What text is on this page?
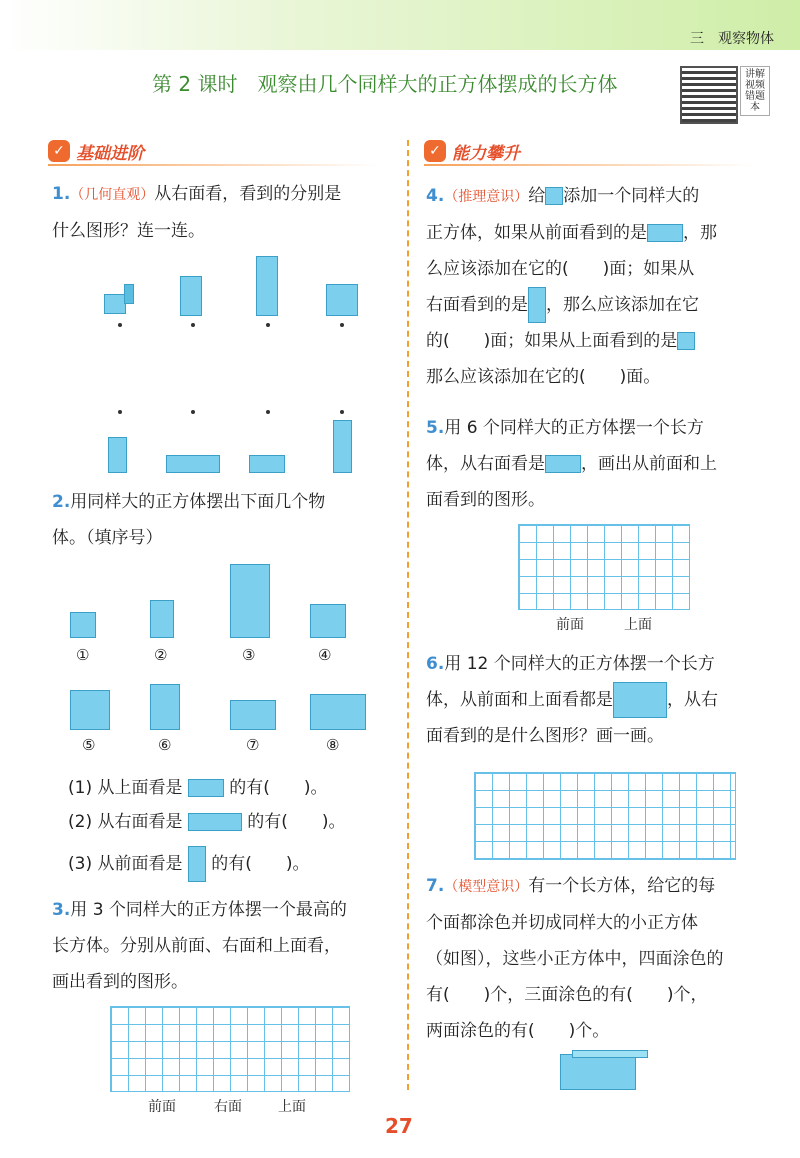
三　观察物体
第 2 课时　观察由几个同样大的正方体摆成的长方体	讲解视频 错题本
✓ 基础进阶	✓ 能力攀升
1.（几何直观）从右面看，看到的分别是
什么图形？连一连。
2.用同样大的正方体摆出下面几个物
体。（填序号）
①	②	③	④
⑤	⑥	⑦	⑧
(1) 从上面看是	的有(　　)。
(2) 从右面看是	的有(　　)。
(3) 从前面看是 的有(　　)。
3.用 3 个同样大的正方体摆一个最高的
长方体。分别从前面、右面和上面看，
画出看到的图形。
前面	右面	上面
4.（推理意识）给 添加一个同样大的
正方体，如果从前面看到的是 ，那
么应该添加在它的(　　)面；如果从
右面看到的是 ，那么应该添加在它
的(　　)面；如果从上面看到的是
那么应该添加在它的(　　)面。
5.用 6 个同样大的正方体摆一个长方
体，从右面看是 ，画出从前面和上
面看到的图形。
前面	上面
6.用 12 个同样大的正方体摆一个长方
体，从前面和上面看都是	，从右
面看到的是什么图形？画一画。
7.（模型意识）有一个长方体，给它的每
个面都涂色并切成同样大的小正方体
（如图），这些小正方体中，四面涂色的
有(　　)个，三面涂色的有(　　)个，
两面涂色的有(　　)个。
27
